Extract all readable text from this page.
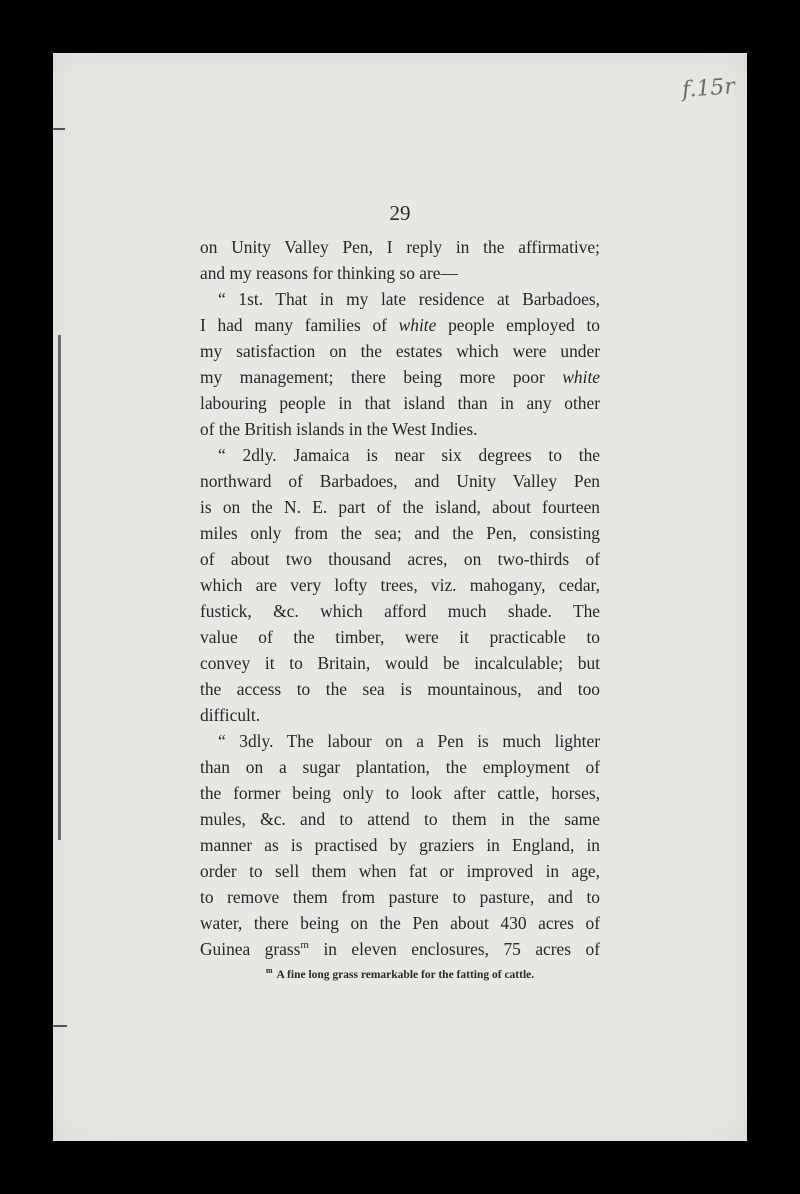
f.15r
29
on Unity Valley Pen, I reply in the affirmative;
and my reasons for thinking so are—
“ 1st. That in my late residence at Barbadoes,
I had many families of white people employed to
my satisfaction on the estates which were under
my management; there being more poor white
labouring people in that island than in any other
of the British islands in the West Indies.
“ 2dly. Jamaica is near six degrees to the
northward of Barbadoes, and Unity Valley Pen
is on the N. E. part of the island, about fourteen
miles only from the sea; and the Pen, consisting
of about two thousand acres, on two-thirds of
which are very lofty trees, viz. mahogany, cedar,
fustick, &c. which afford much shade. The
value of the timber, were it practicable to
convey it to Britain, would be incalculable; but
the access to the sea is mountainous, and too
difficult.
“ 3dly. The labour on a Pen is much lighter
than on a sugar plantation, the employment of
the former being only to look after cattle, horses,
mules, &c. and to attend to them in the same
manner as is practised by graziers in England, in
order to sell them when fat or improved in age,
to remove them from pasture to pasture, and to
water, there being on the Pen about 430 acres of
Guinea grass$^m$ in eleven enclosures, 75 acres of
$^m$ A fine long grass remarkable for the fatting of cattle.
